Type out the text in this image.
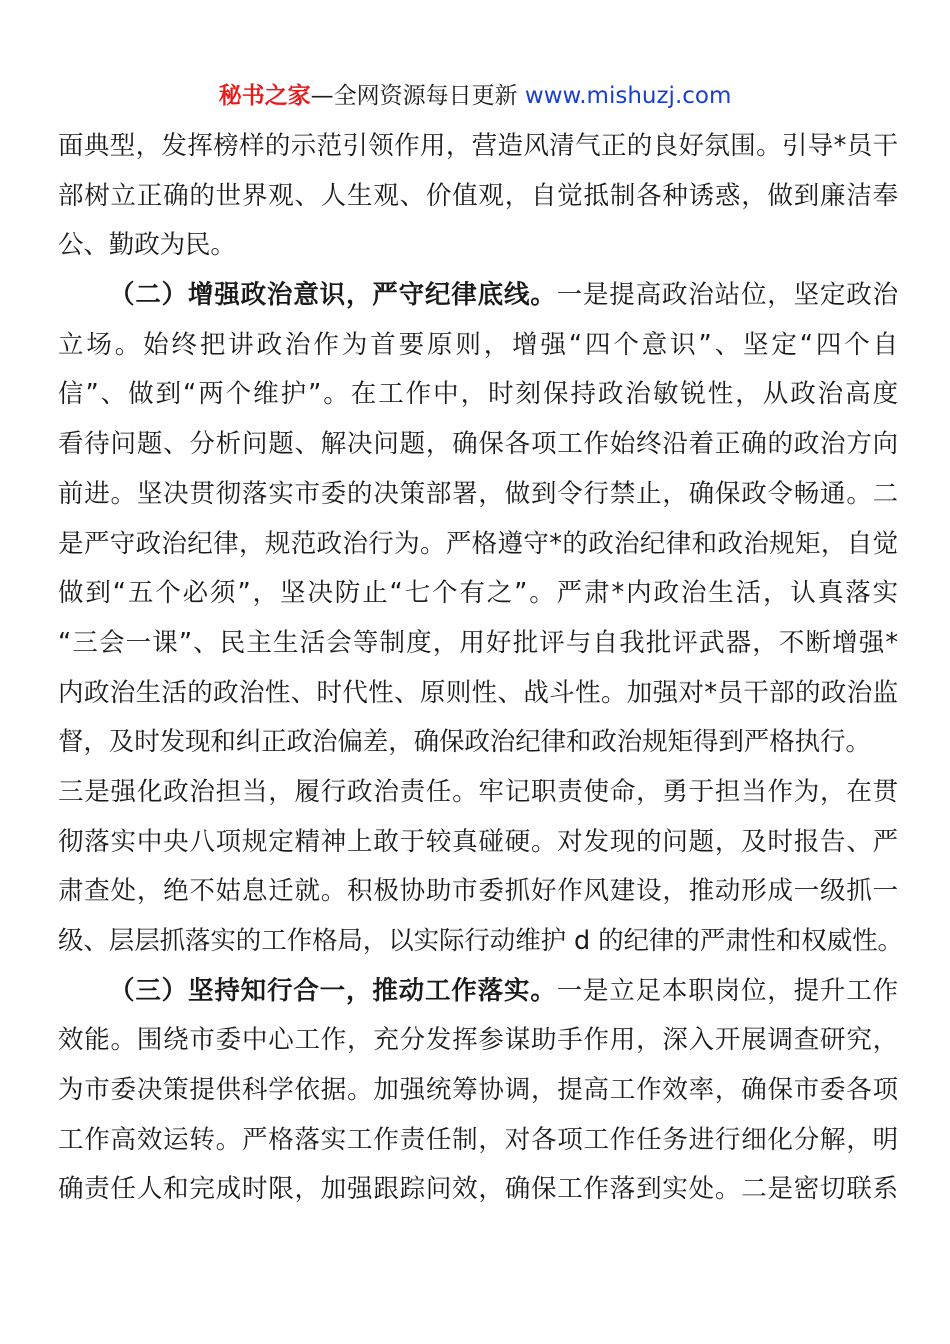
秘书之家—全网资源每日更新 www.mishuzj.com
面典型，发挥榜样的示范引领作用，营造风清气正的良好氛围。引导*员干
部树立正确的世界观、人生观、价值观，自觉抵制各种诱惑，做到廉洁奉
公、勤政为民。
（二）增强政治意识，严守纪律底线。一是提高政治站位，坚定政治
立场。始终把讲政治作为首要原则，增强“四个意识”、坚定“四个自
信”、做到“两个维护”。在工作中，时刻保持政治敏锐性，从政治高度
看待问题、分析问题、解决问题，确保各项工作始终沿着正确的政治方向
前进。坚决贯彻落实市委的决策部署，做到令行禁止，确保政令畅通。二
是严守政治纪律，规范政治行为。严格遵守*的政治纪律和政治规矩，自觉
做到“五个必须”，坚决防止“七个有之”。严肃*内政治生活，认真落实
“三会一课”、民主生活会等制度，用好批评与自我批评武器，不断增强*
内政治生活的政治性、时代性、原则性、战斗性。加强对*员干部的政治监
督，及时发现和纠正政治偏差，确保政治纪律和政治规矩得到严格执行。
三是强化政治担当，履行政治责任。牢记职责使命，勇于担当作为，在贯
彻落实中央八项规定精神上敢于较真碰硬。对发现的问题，及时报告、严
肃查处，绝不姑息迁就。积极协助市委抓好作风建设，推动形成一级抓一
级、层层抓落实的工作格局，以实际行动维护 d 的纪律的严肃性和权威性。
（三）坚持知行合一，推动工作落实。一是立足本职岗位，提升工作
效能。围绕市委中心工作，充分发挥参谋助手作用，深入开展调查研究，
为市委决策提供科学依据。加强统筹协调，提高工作效率，确保市委各项
工作高效运转。严格落实工作责任制，对各项工作任务进行细化分解，明
确责任人和完成时限，加强跟踪问效，确保工作落到实处。二是密切联系
